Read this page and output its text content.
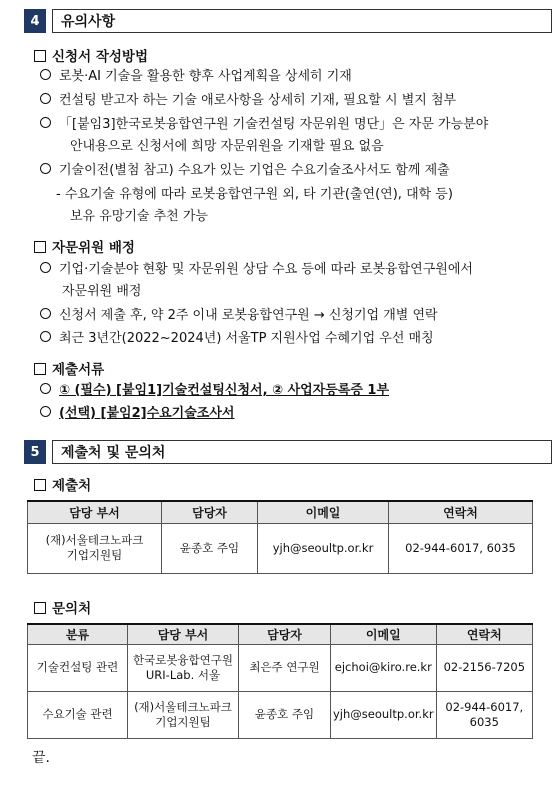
4	유의사항
신청서 작성방법
로봇·AI 기술을 활용한 향후 사업계획을 상세히 기재
컨설팅 받고자 하는 기술 애로사항을 상세히 기재, 필요할 시 별지 첨부
「[붙임3]한국로봇융합연구원 기술컨설팅 자문위원 명단」은 자문 가능분야
안내용으로 신청서에 희망 자문위원을 기재할 필요 없음
기술이전(별첨 참고) 수요가 있는 기업은 수요기술조사서도 함께 제출
- 수요기술 유형에 따라 로봇융합연구원 외, 타 기관(출연(연), 대학 등)
보유 유망기술 추천 가능
자문위원 배정
기업·기술분야 현황 및 자문위원 상담 수요 등에 따라 로봇융합연구원에서
자문위원 배정
신청서 제출 후, 약 2주 이내 로봇융합연구원 → 신청기업 개별 연락
최근 3년간(2022~2024년) 서울TP 지원사업 수혜기업 우선 매칭
제출서류
① (필수) [붙임1]기술컨설팅신청서, ② 사업자등록증 1부
(선택) [붙임2]수요기술조사서
5	제출처 및 문의처
제출처
담당 부서	담당자	이메일	연락처
(재)서울테크노파크
기업지원팀	윤종호 주임	yjh@seoultp.or.kr	02-944-6017, 6035
문의처
분류	담당 부서	담당자	이메일	연락처
기술컨설팅 관련	한국로봇융합연구원
URI-Lab. 서울	최은주 연구원	ejchoi@kiro.re.kr	02-2156-7205
수요기술 관련	(재)서울테크노파크
기업지원팀	윤종호 주임	yjh@seoultp.or.kr	02-944-6017,
6035
끝.
